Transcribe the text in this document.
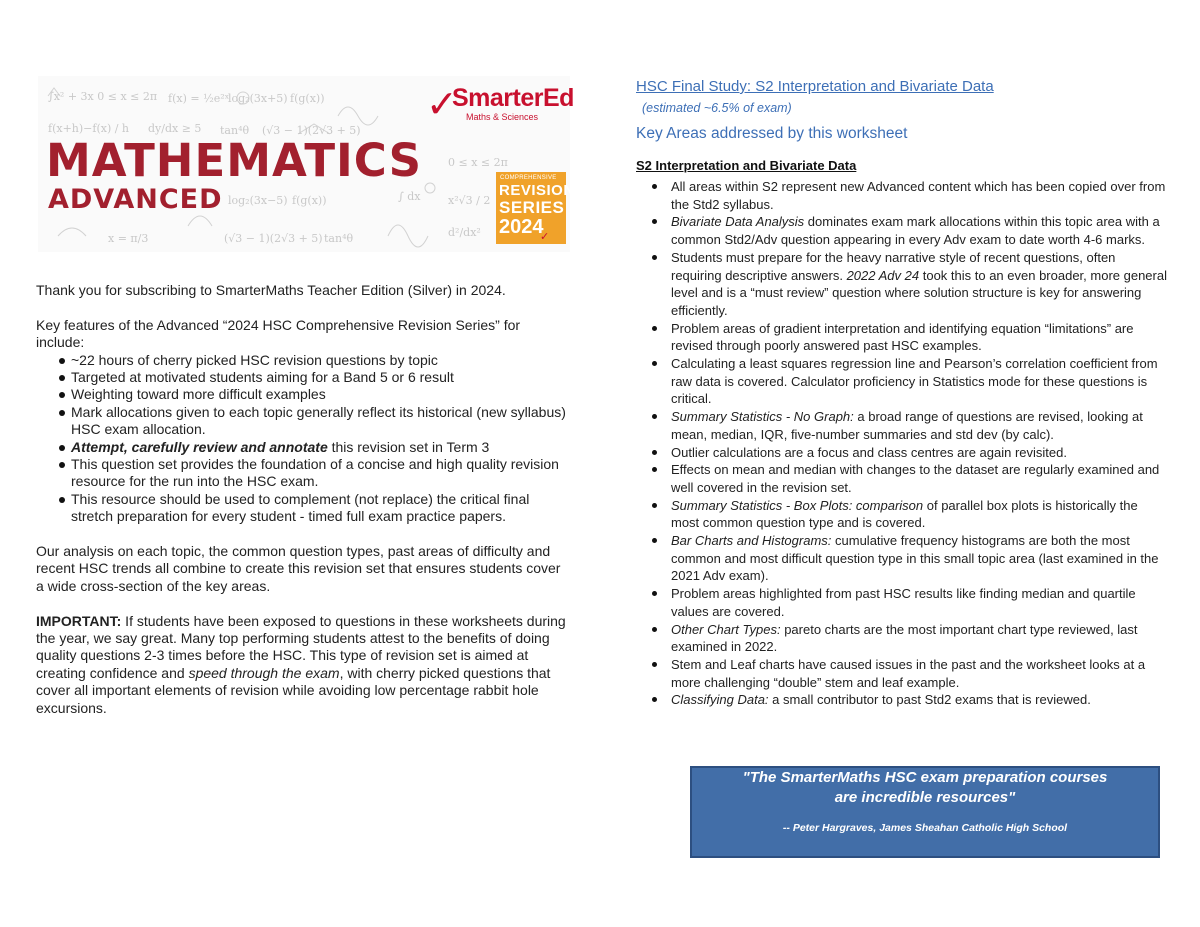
∫x² + 3x 0 ≤ x ≤ 2π f(x) = ½e²ˣ
log₂(3x+5) f(g(x))
f(x+h)−f(x) / h dy/dx ≥ 5 tan⁴θ (√3 − 1)(2√3 + 5)
0 ≤ x ≤ 2π
∫ dx	x²√3 / 2
log₂(3x−5) f(g(x))
x = π/3	(√3 − 1)(2√3 + 5) tan⁴θ	d²/dx²
MATHEMATICS
ADVANCED
✓
SmarterEd
Maths & Sciences
COMPREHENSIVE
REVISION
SERIES
2024
✓

Thank you for subscribing to SmarterMaths Teacher Edition (Silver) in 2024.

Key features of the Advanced “2024 HSC Comprehensive Revision Series” for include:

~22 hours of cherry picked HSC revision questions by topic
Targeted at motivated students aiming for a Band 5 or 6 result
Weighting toward more difficult examples
Mark allocations given to each topic generally reflect its historical (new syllabus) HSC exam allocation.
Attempt, carefully review and annotate this revision set in Term 3
This question set provides the foundation of a concise and high quality revision resource for the run into the HSC exam.
This resource should be used to complement (not replace) the critical final stretch preparation for every student - timed full exam practice papers.

Our analysis on each topic, the common question types, past areas of difficulty and recent HSC trends all combine to create this revision set that ensures students cover a wide cross-section of the key areas.

IMPORTANT: If students have been exposed to questions in these worksheets during the year, we say great. Many top performing students attest to the benefits of doing quality questions 2-3 times before the HSC. This type of revision set is aimed at creating confidence and speed through the exam, with cherry picked questions that cover all important elements of revision while avoiding low percentage rabbit hole excursions.

HSC Final Study: S2 Interpretation and Bivariate Data
(estimated ~6.5% of exam)
Key Areas addressed by this worksheet
S2 Interpretation and Bivariate Data
All areas within S2 represent new Advanced content which has been copied over from the Std2 syllabus.
Bivariate Data Analysis dominates exam mark allocations within this topic area with a common Std2/Adv question appearing in every Adv exam to date worth 4-6 marks.
Students must prepare for the heavy narrative style of recent questions, often requiring descriptive answers. 2022 Adv 24 took this to an even broader, more general level and is a “must review” question where solution structure is key for answering efficiently.
Problem areas of gradient interpretation and identifying equation “limitations” are revised through poorly answered past HSC examples.
Calculating a least squares regression line and Pearson’s correlation coefficient from raw data is covered. Calculator proficiency in Statistics mode for these questions is critical.
Summary Statistics - No Graph: a broad range of questions are revised, looking at mean, median, IQR, five-number summaries and std dev (by calc).
Outlier calculations are a focus and class centres are again revisited.
Effects on mean and median with changes to the dataset are regularly examined and well covered in the revision set.
Summary Statistics - Box Plots: comparison of parallel box plots is historically the most common question type and is covered.
Bar Charts and Histograms: cumulative frequency histograms are both the most common and most difficult question type in this small topic area (last examined in the 2021 Adv exam).
Problem areas highlighted from past HSC results like finding median and quartile values are covered.
Other Chart Types: pareto charts are the most important chart type reviewed, last examined in 2022.
Stem and Leaf charts have caused issues in the past and the worksheet looks at a more challenging “double” stem and leaf example.
Classifying Data: a small contributor to past Std2 exams that is reviewed.
"The SmarterMaths HSC exam preparation courses
are incredible resources"
-- Peter Hargraves, James Sheahan Catholic High School
